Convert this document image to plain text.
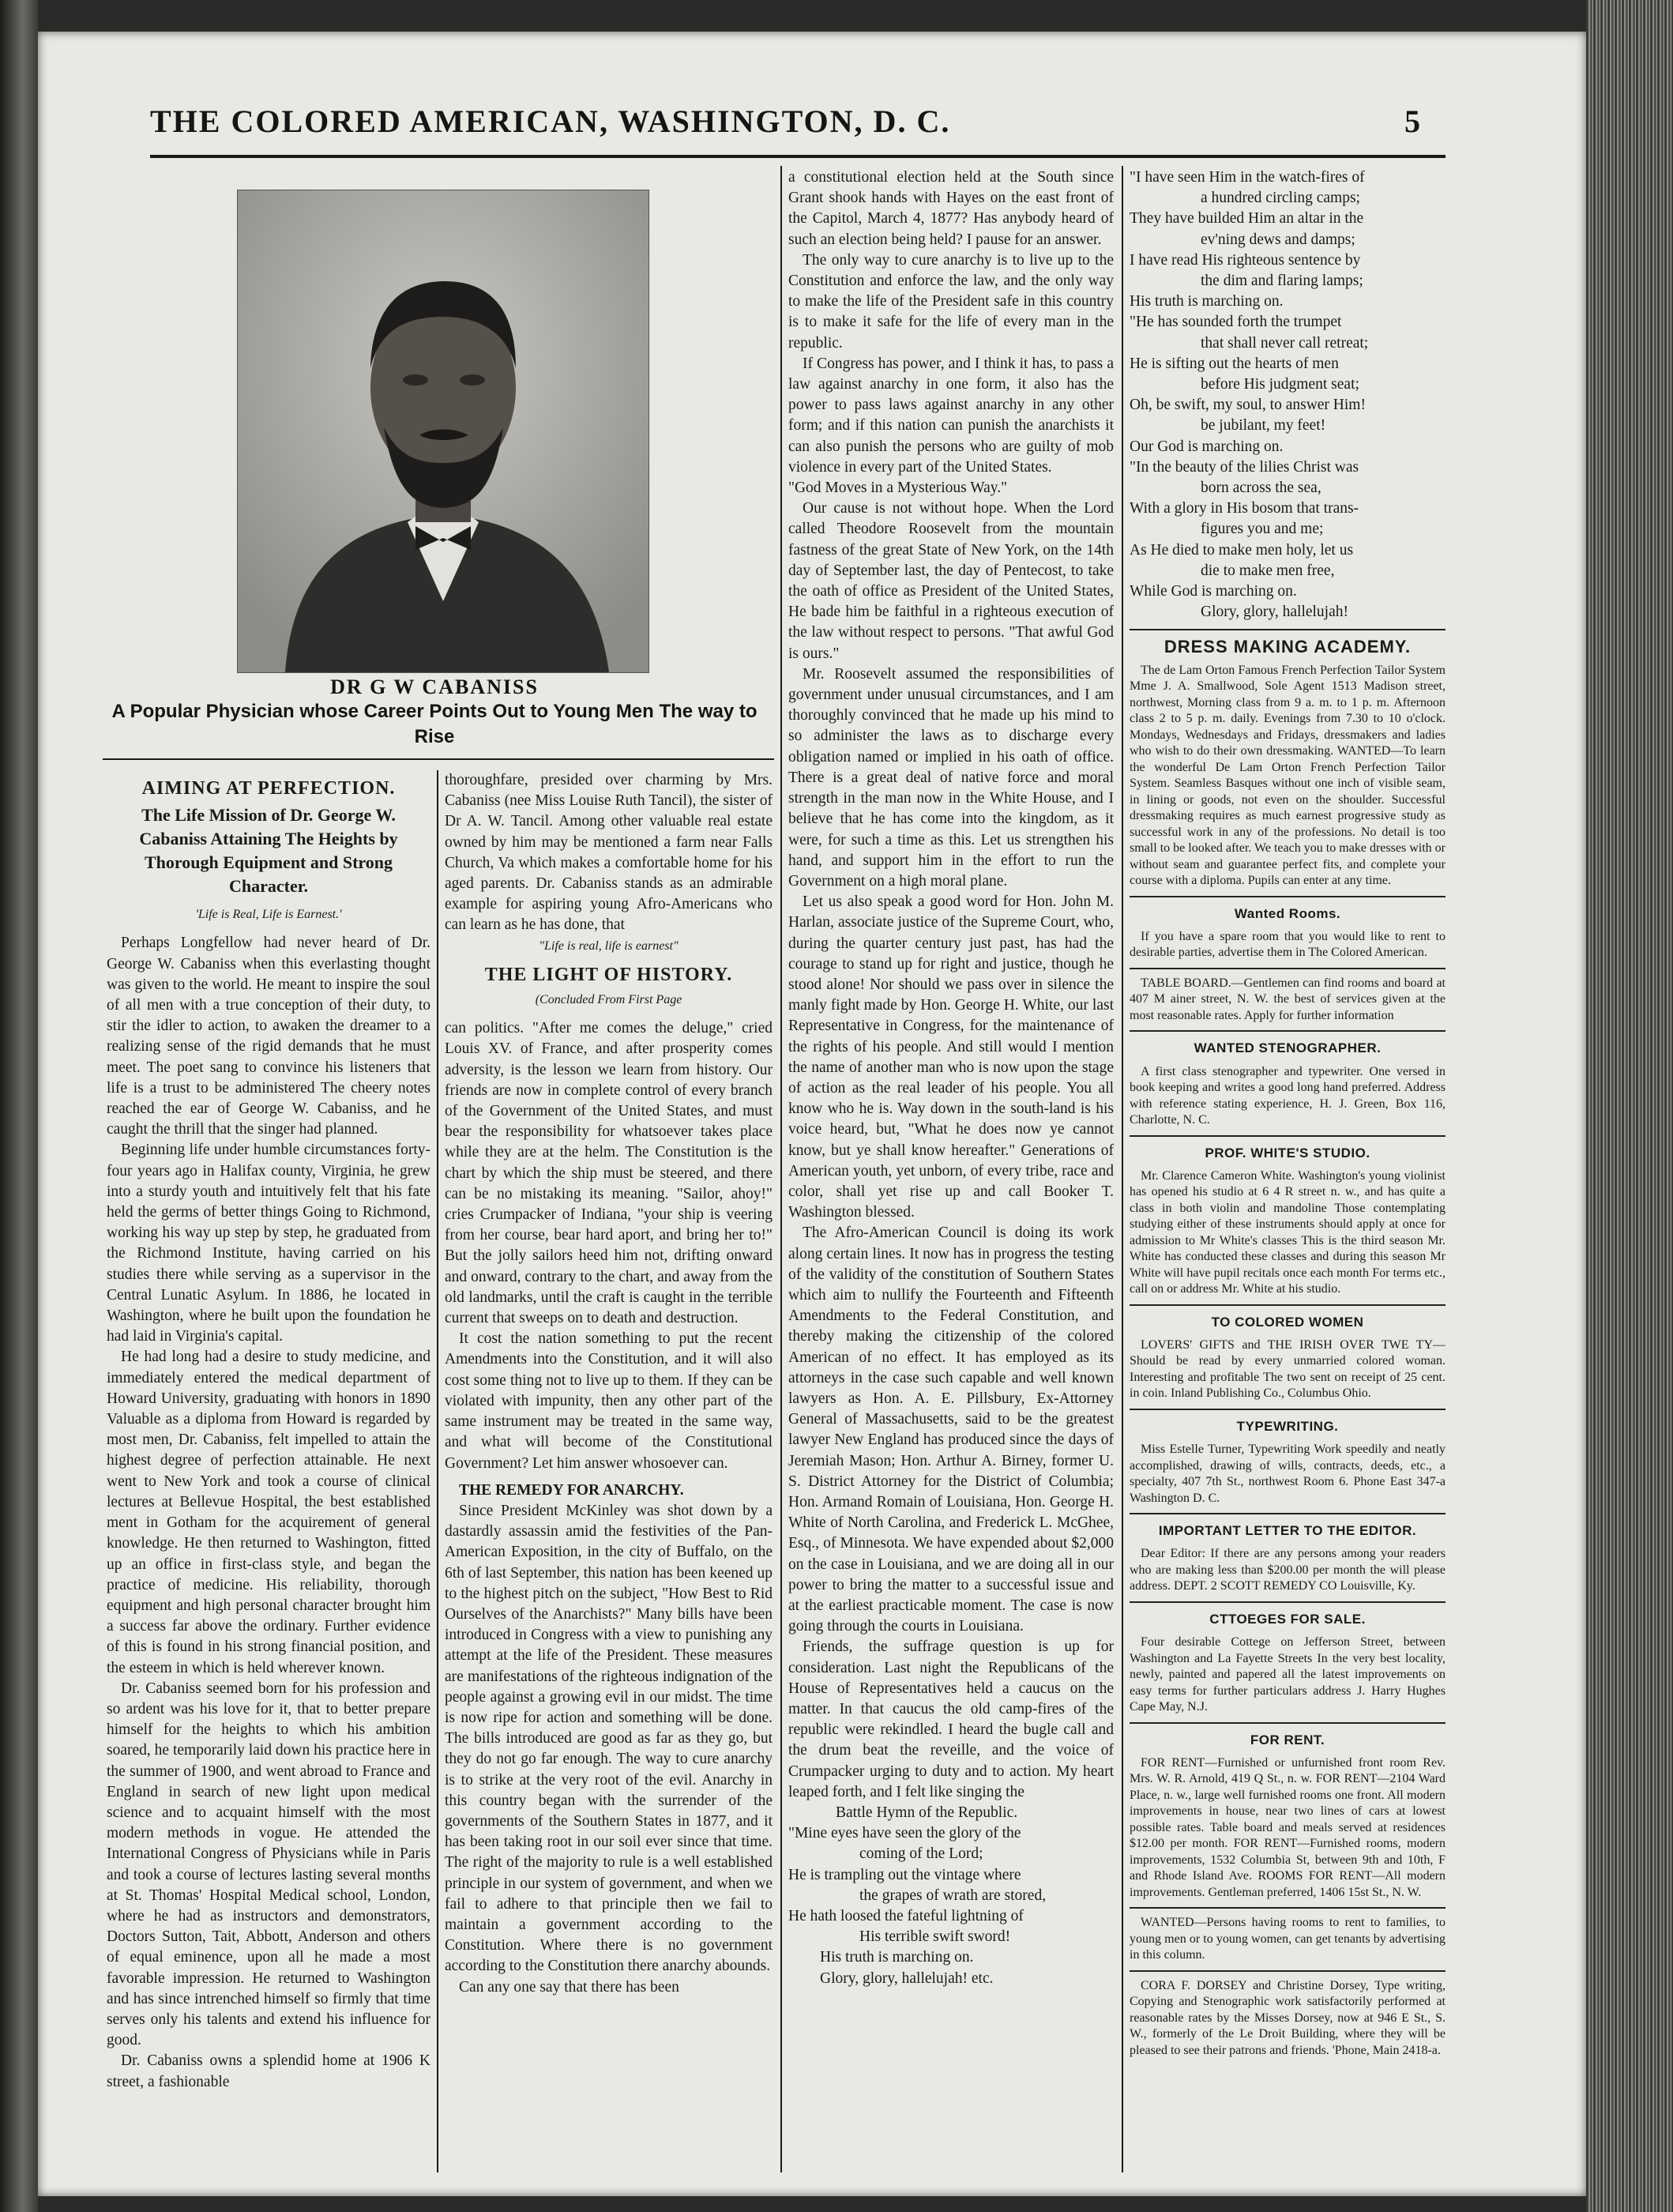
THE COLORED AMERICAN, WASHINGTON, D. C.	5
DR G W CABANISS
A Popular Physician whose Career Points Out to Young Men The way to Rise
AIMING AT PERFECTION.
The Life Mission of Dr. George W. Cabaniss Attaining The Heights by Thorough Equipment and Strong Character.
'Life is Real, Life is Earnest.'

Perhaps Longfellow had never heard of Dr. George W. Cabaniss when this everlasting thought was given to the world. He meant to inspire the soul of all men with a true conception of their duty, to stir the idler to action, to awaken the dreamer to a realizing sense of the rigid demands that he must meet. The poet sang to convince his listeners that life is a trust to be administered The cheery notes reached the ear of George W. Cabaniss, and he caught the thrill that the singer had planned.

Beginning life under humble circumstances forty-four years ago in Halifax county, Virginia, he grew into a sturdy youth and intuitively felt that his fate held the germs of better things Going to Richmond, working his way up step by step, he graduated from the Richmond Institute, having carried on his studies there while serving as a supervisor in the Central Lunatic Asylum. In 1886, he located in Washington, where he built upon the foundation he had laid in Virginia's capital.

He had long had a desire to study medicine, and immediately entered the medical department of Howard University, graduating with honors in 1890 Valuable as a diploma from Howard is regarded by most men, Dr. Cabaniss, felt impelled to attain the highest degree of perfection attainable. He next went to New York and took a course of clinical lectures at Bellevue Hospital, the best established ment in Gotham for the acquirement of general knowledge. He then returned to Washington, fitted up an office in first-class style, and began the practice of medicine. His reliability, thorough equipment and high personal character brought him a success far above the ordinary. Further evidence of this is found in his strong financial position, and the esteem in which is held wherever known.

Dr. Cabaniss seemed born for his profession and so ardent was his love for it, that to better prepare himself for the heights to which his ambition soared, he temporarily laid down his practice here in the summer of 1900, and went abroad to France and England in search of new light upon medical science and to acquaint himself with the most modern methods in vogue. He attended the International Congress of Physicians while in Paris and took a course of lectures lasting several months at St. Thomas' Hospital Medical school, London, where he had as instructors and demonstrators, Doctors Sutton, Tait, Abbott, Anderson and others of equal eminence, upon all he made a most favorable impression. He returned to Washington and has since intrenched himself so firmly that time serves only his talents and extend his influence for good.

Dr. Cabaniss owns a splendid home at 1906 K street, a fashionable

thoroughfare, presided over charming by Mrs. Cabaniss (nee Miss Louise Ruth Tancil), the sister of Dr A. W. Tancil. Among other valuable real estate owned by him may be mentioned a farm near Falls Church, Va which makes a comfortable home for his aged parents. Dr. Cabaniss stands as an admirable example for aspiring young Afro-Americans who can learn as he has done, that

"Life is real, life is earnest"
THE LIGHT OF HISTORY.
(Concluded From First Page

can politics. "After me comes the deluge," cried Louis XV. of France, and after prosperity comes adversity, is the lesson we learn from history. Our friends are now in complete control of every branch of the Government of the United States, and must bear the responsibility for whatsoever takes place while they are at the helm. The Constitution is the chart by which the ship must be steered, and there can be no mistaking its meaning. "Sailor, ahoy!" cries Crumpacker of Indiana, "your ship is veering from her course, bear hard aport, and bring her to!" But the jolly sailors heed him not, drifting onward and onward, contrary to the chart, and away from the old landmarks, until the craft is caught in the terrible current that sweeps on to death and destruction.

It cost the nation something to put the recent Amendments into the Constitution, and it will also cost some thing not to live up to them. If they can be violated with impunity, then any other part of the same instrument may be treated in the same way, and what will become of the Constitutional Government? Let him answer whosoever can.

THE REMEDY FOR ANARCHY.

Since President McKinley was shot down by a dastardly assassin amid the festivities of the Pan-American Exposition, in the city of Buffalo, on the 6th of last September, this nation has been keened up to the highest pitch on the subject, "How Best to Rid Ourselves of the Anarchists?" Many bills have been introduced in Congress with a view to punishing any attempt at the life of the President. These measures are manifestations of the righteous indignation of the people against a growing evil in our midst. The time is now ripe for action and something will be done. The bills introduced are good as far as they go, but they do not go far enough. The way to cure anarchy is to strike at the very root of the evil. Anarchy in this country began with the surrender of the governments of the Southern States in 1877, and it has been taking root in our soil ever since that time. The right of the majority to rule is a well established principle in our system of government, and when we fail to adhere to that principle then we fail to maintain a government according to the Constitution. Where there is no government according to the Constitution there anarchy abounds.

Can any one say that there has been

a constitutional election held at the South since Grant shook hands with Hayes on the east front of the Capitol, March 4, 1877? Has anybody heard of such an election being held? I pause for an answer.

The only way to cure anarchy is to live up to the Constitution and enforce the law, and the only way to make the life of the President safe in this country is to make it safe for the life of every man in the republic.

If Congress has power, and I think it has, to pass a law against anarchy in one form, it also has the power to pass laws against anarchy in any other form; and if this nation can punish the anarchists it can also punish the persons who are guilty of mob violence in every part of the United States.

"God Moves in a Mysterious Way."

Our cause is not without hope. When the Lord called Theodore Roosevelt from the mountain fastness of the great State of New York, on the 14th day of September last, the day of Pentecost, to take the oath of office as President of the United States, He bade him be faithful in a righteous execution of the law without respect to persons. "That awful God is ours."

Mr. Roosevelt assumed the responsibilities of government under unusual circumstances, and I am thoroughly convinced that he made up his mind to so administer the laws as to discharge every obligation named or implied in his oath of office. There is a great deal of native force and moral strength in the man now in the White House, and I believe that he has come into the kingdom, as it were, for such a time as this. Let us strengthen his hand, and support him in the effort to run the Government on a high moral plane.

Let us also speak a good word for Hon. John M. Harlan, associate justice of the Supreme Court, who, during the quarter century just past, has had the courage to stand up for right and justice, though he stood alone! Nor should we pass over in silence the manly fight made by Hon. George H. White, our last Representative in Congress, for the maintenance of the rights of his people. And still would I mention the name of another man who is now upon the stage of action as the real leader of his people. You all know who he is. Way down in the south-land is his voice heard, but, "What he does now ye cannot know, but ye shall know hereafter." Generations of American youth, yet unborn, of every tribe, race and color, shall yet rise up and call Booker T. Washington blessed.

The Afro-American Council is doing its work along certain lines. It now has in progress the testing of the validity of the constitution of Southern States which aim to nullify the Fourteenth and Fifteenth Amendments to the Federal Constitution, and thereby making the citizenship of the colored American of no effect. It has employed as its attorneys in the case such capable and well known lawyers as Hon. A. E. Pillsbury, Ex-Attorney General of Massachusetts, said to be the greatest lawyer New England has produced since the days of Jeremiah Mason; Hon. Arthur A. Birney, former U. S. District Attorney for the District of Columbia; Hon. Armand Romain of Louisiana, Hon. George H. White of North Carolina, and Frederick L. McGhee, Esq., of Minnesota. We have expended about $2,000 on the case in Louisiana, and we are doing all in our power to bring the matter to a successful issue and at the earliest practicable moment. The case is now going through the courts in Louisiana.

Friends, the suffrage question is up for consideration. Last night the Republicans of the House of Representatives held a caucus on the matter. In that caucus the old camp-fires of the republic were rekindled. I heard the bugle call and the drum beat the reveille, and the voice of Crumpacker urging to duty and to action. My heart leaped forth, and I felt like singing the

Battle Hymn of the Republic.

"Mine eyes have seen the glory of the

coming of the Lord;

He is trampling out the vintage where

the grapes of wrath are stored,

He hath loosed the fateful lightning of

His terrible swift sword!

His truth is marching on.

Glory, glory, hallelujah! etc.

"I have seen Him in the watch-fires of

a hundred circling camps;

They have builded Him an altar in the

ev'ning dews and damps;

I have read His righteous sentence by

the dim and flaring lamps;

His truth is marching on.

"He has sounded forth the trumpet

that shall never call retreat;

He is sifting out the hearts of men

before His judgment seat;

Oh, be swift, my soul, to answer Him!

be jubilant, my feet!

Our God is marching on.

"In the beauty of the lilies Christ was

born across the sea,

With a glory in His bosom that trans-

figures you and me;

As He died to make men holy, let us

die to make men free,

While God is marching on.

Glory, glory, hallelujah!

DRESS MAKING ACADEMY.

The de Lam Orton Famous French Perfection Tailor System Mme J. A. Smallwood, Sole Agent 1513 Madison street, northwest, Morning class from 9 a. m. to 1 p. m. Afternoon class 2 to 5 p. m. daily. Evenings from 7.30 to 10 o'clock. Mondays, Wednesdays and Fridays, dressmakers and ladies who wish to do their own dressmaking. WANTED—To learn the wonderful De Lam Orton French Perfection Tailor System. Seamless Basques without one inch of visible seam, in lining or goods, not even on the shoulder. Successful dressmaking requires as much earnest progressive study as successful work in any of the professions. No detail is too small to be looked after. We teach you to make dresses with or without seam and guarantee perfect fits, and complete your course with a diploma. Pupils can enter at any time.

Wanted Rooms.

If you have a spare room that you would like to rent to desirable parties, advertise them in The Colored American.

TABLE BOARD.—Gentlemen can find rooms and board at 407 M ainer street, N. W. the best of services given at the most reasonable rates. Apply for further information

WANTED STENOGRAPHER.

A first class stenographer and typewriter. One versed in book keeping and writes a good long hand preferred. Address with reference stating experience, H. J. Green, Box 116, Charlotte, N. C.

PROF. WHITE'S STUDIO.

Mr. Clarence Cameron White. Washington's young violinist has opened his studio at 6 4 R street n. w., and has quite a class in both violin and mandoline Those contemplating studying either of these instruments should apply at once for admission to Mr White's classes This is the third season Mr. White has conducted these classes and during this season Mr White will have pupil recitals once each month For terms etc., call on or address Mr. White at his studio.

TO COLORED WOMEN

LOVERS' GIFTS and THE IRISH OVER TWE TY—Should be read by every unmarried colored woman. Interesting and profitable The two sent on receipt of 25 cent. in coin. Inland Publishing Co., Columbus Ohio.

TYPEWRITING.

Miss Estelle Turner, Typewriting Work speedily and neatly accomplished, drawing of wills, contracts, deeds, etc., a specialty, 407 7th St., northwest Room 6. Phone East 347-a Washington D. C.

IMPORTANT LETTER TO THE EDITOR.

Dear Editor: If there are any persons among your readers who are making less than $200.00 per month the will please address. DEPT. 2 SCOTT REMEDY CO Louisville, Ky.

CTTOEGES FOR SALE.

Four desirable Cottege on Jefferson Street, between Washington and La Fayette Streets In the very best locality, newly, painted and papered all the latest improvements on easy terms for further particulars address J. Harry Hughes Cape May, N.J.

FOR RENT.

FOR RENT—Furnished or unfurnished front room Rev. Mrs. W. R. Arnold, 419 Q St., n. w. FOR RENT—2104 Ward Place, n. w., large well furnished rooms one front. All modern improvements in house, near two lines of cars at lowest possible rates. Table board and meals served at residences $12.00 per month. FOR RENT—Furnished rooms, modern improvements, 1532 Columbia St, between 9th and 10th, F and Rhode Island Ave. ROOMS FOR RENT—All modern improvements. Gentleman preferred, 1406 15st St., N. W.

WANTED—Persons having rooms to rent to families, to young men or to young women, can get tenants by advertising in this column.

CORA F. DORSEY and Christine Dorsey, Type writing, Copying and Stenographic work satisfactorily performed at reasonable rates by the Misses Dorsey, now at 946 E St., S. W., formerly of the Le Droit Building, where they will be pleased to see their patrons and friends. 'Phone, Main 2418-a.
